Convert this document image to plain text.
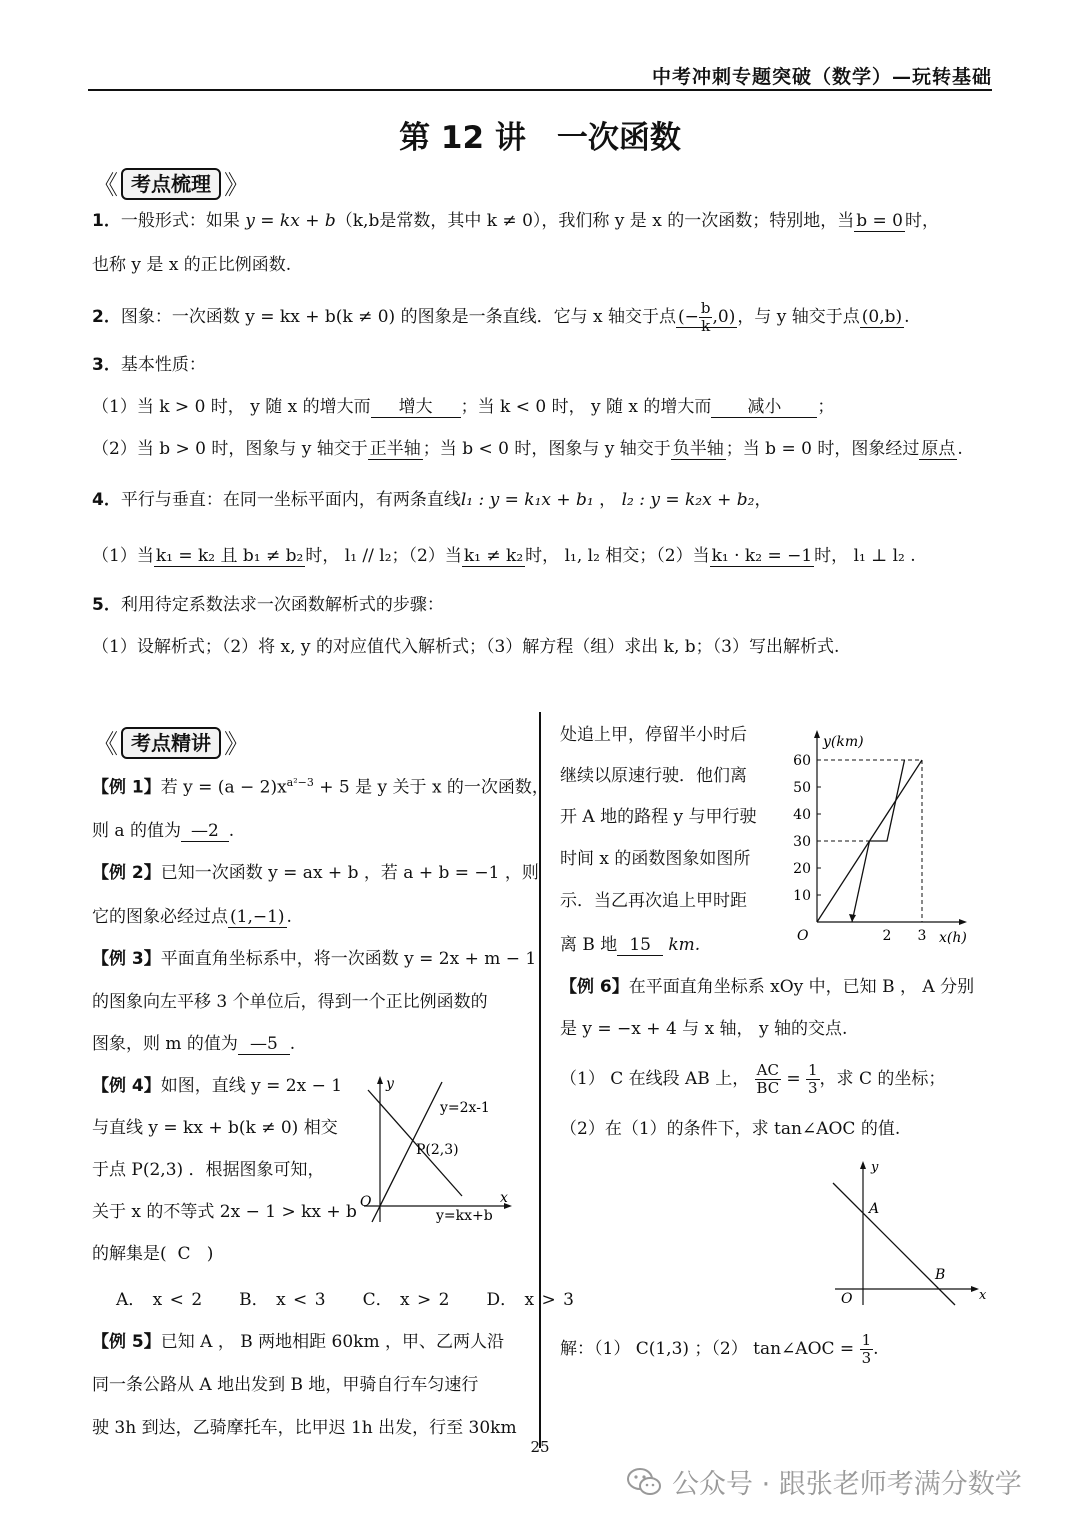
中考冲刺专题突破（数学）—玩转基础
第 12 讲　一次函数
《 考点梳理 》
1．一般形式：如果 y = kx + b（k,b是常数，其中 k ≠ 0），我们称 y 是 x 的一次函数；特别地，当 b = 0 时，
也称 y 是 x 的正比例函数.
2．图象：一次函数 y = kx + b(k ≠ 0) 的图象是一条直线．它与 x 轴交于点 (− $\frac{b}{k} ,0$) ，与 y 轴交于点 (0,b) .
3．基本性质：
（1）当 k > 0 时， y 随 x 的增大而 增大 ；当 k < 0 时， y 随 x 的增大而 减小 ；
（2）当 b > 0 时，图象与 y 轴交于 正半轴 ；当 b < 0 时，图象与 y 轴交于 负半轴 ；当 b = 0 时，图象经过 原点 .
4．平行与垂直：在同一坐标平面内，有两条直线l₁ : y = k₁x + b₁ ， l₂ : y = k₂x + b₂，
（1）当 k₁ = k₂ 且 b₁ ≠ b₂ 时， l₁ // l₂；（2）当 k₁ ≠ k₂ 时， l₁, l₂ 相交；（2）当 k₁ · k₂ = −1 时， l₁ ⊥ l₂ .
5．利用待定系数法求一次函数解析式的步骤：
（1）设解析式；（2）将 x, y 的对应值代入解析式；（3）解方程（组）求出 k, b；（3）写出解析式.
《 考点精讲 》
【例 1】若 $y = (a - 2)x^{a^2-3} + 5$ 是 y 关于 x 的一次函数，
则 a 的值为 —2 .
【例 2】已知一次函数 y = ax + b ，若 a + b = −1 ，则
它的图象必经过点 (1,−1) .
【例 3】平面直角坐标系中，将一次函数 y = 2x + m − 1
的图象向左平移 3 个单位后，得到一个正比例函数的
图象，则 m 的值为 —5 .
【例 4】如图，直线 y = 2x − 1
与直线 y = kx + b(k ≠ 0) 相交
于点 P(2,3) ．根据图象可知，
关于 x 的不等式 2x − 1 > kx + b
的解集是( C )
A． x < 2 B． x < 3 C． x > 2 D． x > 3
y
x
O
y=2x-1
P(2,3)
y=kx+b
【例 5】已知 A ， B 两地相距 60km ，甲、乙两人沿
同一条公路从 A 地出发到 B 地，甲骑自行车匀速行
驶 3h 到达，乙骑摩托车，比甲迟 1h 出发，行至 30km
处追上甲，停留半小时后
继续以原速行驶．他们离
开 A 地的路程 y 与甲行驶
时间 x 的函数图象如图所
示．当乙再次追上甲时距
离 B 地 15 km.
y(km)
x(h)
O
10
20
30
40
50
60
2 3
【例 6】在平面直角坐标系 xOy 中，已知 B ， A 分别
是 y = −x + 4 与 x 轴， y 轴的交点.
（1） C 在线段 AB 上， $\frac{AC}{BC} = \frac{1}{3}$ ，求 C 的坐标；
（2）在（1）的条件下，求 tan∠AOC 的值.
y
x
O
A
B
解：（1） C(1,3) ；（2） tan∠AOC = $\frac{1}{3}$ .
25
公众号 · 跟张老师考满分数学
